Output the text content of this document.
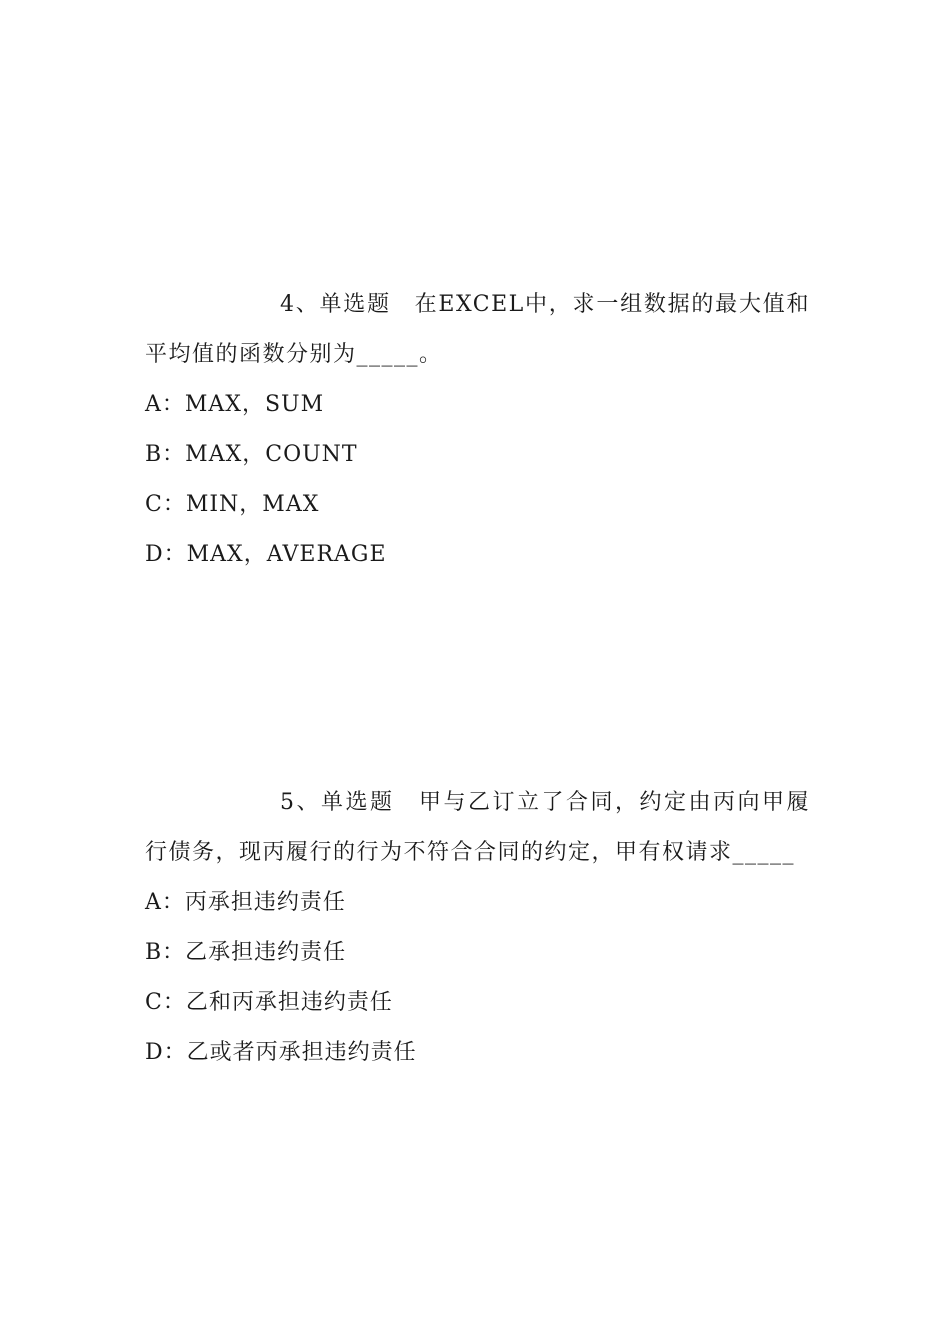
4、单选题　在EXCEL中，求一组数据的最大值和平均值的函数分别为_____。

A：MAX，SUM
B：MAX，COUNT
C：MIN，MAX
D：MAX，AVERAGE

5、单选题　甲与乙订立了合同，约定由丙向甲履行债务，现丙履行的行为不符合合同的约定，甲有权请求_____

A：丙承担违约责任
B：乙承担违约责任
C：乙和丙承担违约责任
D：乙或者丙承担违约责任
